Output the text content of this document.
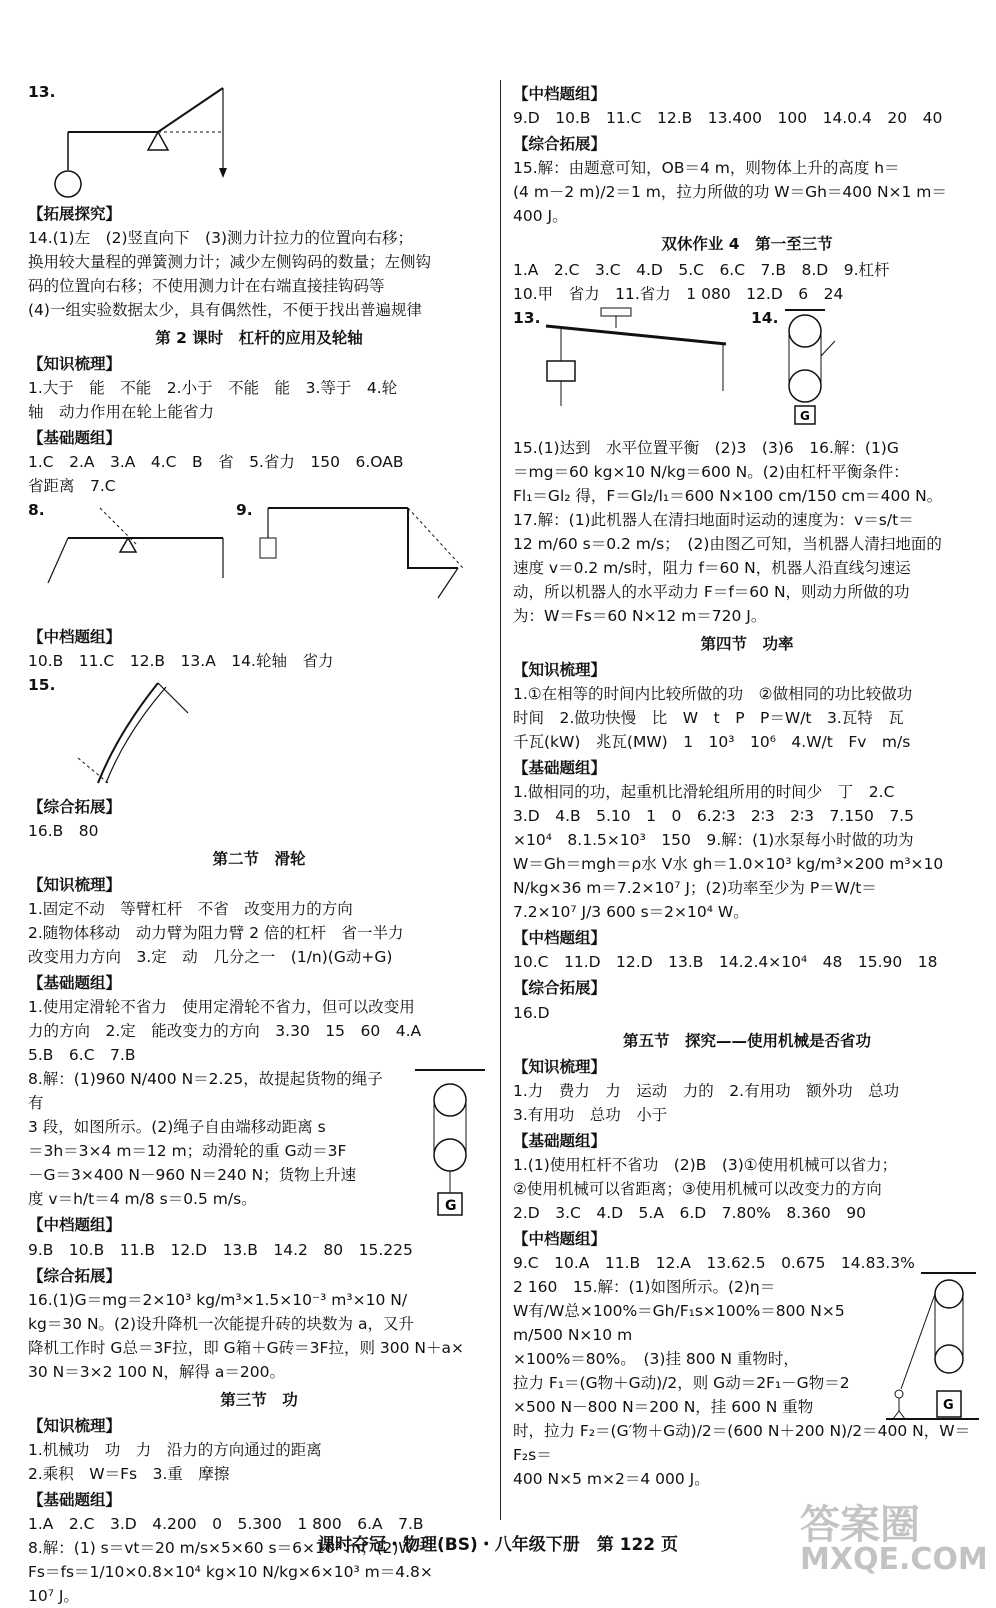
13.

【拓展探究】

14.(1)左　(2)竖直向下　(3)测力计拉力的位置向右移；

换用较大量程的弹簧测力计；减少左侧钩码的数量；左侧钩

码的位置向右移；不使用测力计在右端直接挂钩码等

(4)一组实验数据太少，具有偶然性，不便于找出普遍规律

第 2 课时　杠杆的应用及轮轴

【知识梳理】

1.大于　能　不能　2.小于　不能　能　3.等于　4.轮

轴　动力作用在轮上能省力

【基础题组】

1.C　2.A　3.A　4.C　B　省　5.省力　150　6.OAB

省距离　7.C

8.	9.

【中档题组】

10.B　11.C　12.B　13.A　14.轮轴　省力

15.

【综合拓展】

16.B　80

第二节　滑轮

【知识梳理】

1.固定不动　等臂杠杆　不省　改变用力的方向

2.随物体移动　动力臂为阻力臂 2 倍的杠杆　省一半力

改变用力方向　3.定　动　几分之一　(1/n)(G动+G)

【基础题组】

1.使用定滑轮不省力　使用定滑轮不省力，但可以改变用

力的方向　2.定　能改变力的方向　3.30　15　60　4.A

5.B　6.C　7.B

8.解：(1)960 N/400 N＝2.25，故提起货物的绳子有

3 段，如图所示。(2)绳子自由端移动距离 s

＝3h＝3×4 m＝12 m；动滑轮的重 G动＝3F

－G＝3×400 N－960 N＝240 N；货物上升速

度 v＝h/t＝4 m/8 s＝0.5 m/s。	G

【中档题组】

9.B　10.B　11.B　12.D　13.B　14.2　80　15.225

【综合拓展】

16.(1)G＝mg＝2×10³ kg/m³×1.5×10⁻³ m³×10 N/

kg＝30 N。(2)设升降机一次能提升砖的块数为 a，又升

降机工作时 G总＝3F拉，即 G箱＋G砖＝3F拉，则 300 N＋a×

30 N＝3×2 100 N，解得 a＝200。

第三节　功

【知识梳理】

1.机械功　功　力　沿力的方向通过的距离

2.乘积　W＝Fs　3.重　摩擦

【基础题组】

1.A　2.C　3.D　4.200　0　5.300　1 800　6.A　7.B

8.解：(1) s＝vt＝20 m/s×5×60 s＝6×10³ m；(2)W＝

Fs＝fs＝1/10×0.8×10⁴ kg×10 N/kg×6×10³ m＝4.8×

10⁷ J。

【中档题组】

9.D　10.B　11.C　12.B　13.400　100　14.0.4　20　40

【综合拓展】

15.解：由题意可知，OB＝4 m，则物体上升的高度 h＝

(4 m－2 m)/2＝1 m，拉力所做的功 W＝Gh＝400 N×1 m＝

400 J。

双休作业 4　第一至三节

1.A　2.C　3.C　4.D　5.C　6.C　7.B　8.D　9.杠杆

10.甲　省力　11.省力　1 080　12.D　6　24

13.	14.
G

15.(1)达到　水平位置平衡　(2)3　(3)6　16.解：(1)G

＝mg＝60 kg×10 N/kg＝600 N。(2)由杠杆平衡条件：

Fl₁＝Gl₂ 得，F＝Gl₂/l₁＝600 N×100 cm/150 cm＝400 N。

17.解：(1)此机器人在清扫地面时运动的速度为：v＝s/t＝

12 m/60 s＝0.2 m/s；　(2)由图乙可知，当机器人清扫地面的

速度 v＝0.2 m/s时，阻力 f＝60 N，机器人沿直线匀速运

动，所以机器人的水平动力 F＝f＝60 N，则动力所做的功

为：W＝Fs＝60 N×12 m＝720 J。

第四节　功率

【知识梳理】

1.①在相等的时间内比较所做的功　②做相同的功比较做功

时间　2.做功快慢　比　W　t　P　P＝W/t　3.瓦特　瓦

千瓦(kW)　兆瓦(MW)　1　10³　10⁶　4.W/t　Fv　m/s

【基础题组】

1.做相同的功，起重机比滑轮组所用的时间少　丁　2.C

3.D　4.B　5.10　1　0　6.2∶3　2∶3　2∶3　7.150　7.5

×10⁴　8.1.5×10³　150　9.解：(1)水泵每小时做的功为

W＝Gh＝mgh＝ρ水 V水 gh＝1.0×10³ kg/m³×200 m³×10

N/kg×36 m＝7.2×10⁷ J；(2)功率至少为 P＝W/t＝

7.2×10⁷ J/3 600 s＝2×10⁴ W。

【中档题组】

10.C　11.D　12.D　13.B　14.2.4×10⁴　48　15.90　18

【综合拓展】

16.D

第五节　探究——使用机械是否省功

【知识梳理】

1.力　费力　力　运动　力的　2.有用功　额外功　总功

3.有用功　总功　小于

【基础题组】

1.(1)使用杠杆不省功　(2)B　(3)①使用机械可以省力；

②使用机械可以省距离；③使用机械可以改变力的方向

2.D　3.C　4.D　5.A　6.D　7.80%　8.360　90

【中档题组】

9.C　10.A　11.B　12.A　13.62.5　0.675　14.83.3%

2 160　15.解：(1)如图所示。(2)η＝

W有/W总×100%＝Gh/F₁s×100%＝800 N×5 m/500 N×10 m

×100%＝80%。　(3)挂 800 N 重物时，

拉力 F₁＝(G物＋G动)/2，则 G动＝2F₁－G物＝2

×500 N－800 N＝200 N，挂 600 N 重物

时，拉力 F₂＝(G′物＋G动)/2＝(600 N＋200 N)/2＝400 N，W＝F₂s＝

400 N×5 m×2＝4 000 J。

G
课时夺冠・物理(BS)・八年级下册　第 122 页	答案圈
MXQE.COM
